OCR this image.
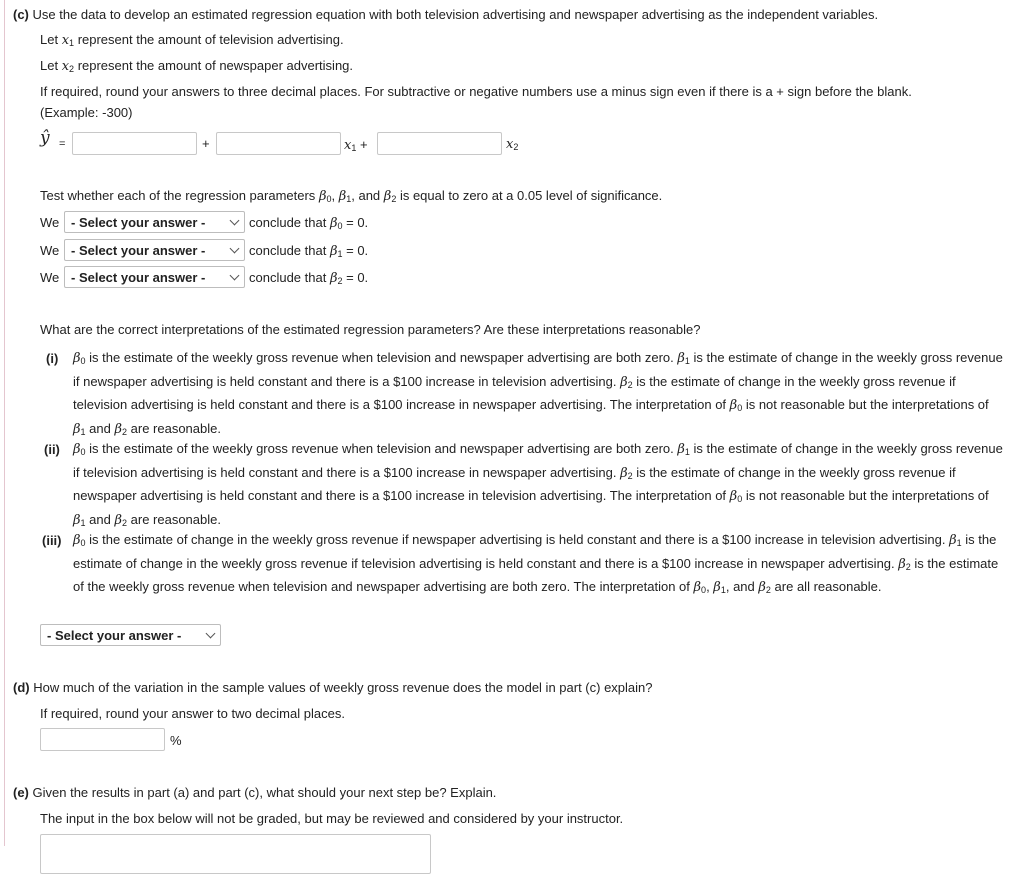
(c) Use the data to develop an estimated regression equation with both television advertising and newspaper advertising as the independent variables.
Let x1 represent the amount of television advertising.
Let x2 represent the amount of newspaper advertising.
If required, round your answers to three decimal places. For subtractive or negative numbers use a minus sign even if there is a + sign before the blank.
(Example: -300)
ŷ =	+	x1 +	x2
Test whether each of the regression parameters β0, β1, and β2 is equal to zero at a 0.05 level of significance.
We - Select your answer -	conclude that β0 = 0.
We - Select your answer -	conclude that β1 = 0.
We - Select your answer -	conclude that β2 = 0.
What are the correct interpretations of the estimated regression parameters? Are these interpretations reasonable?
(i) β0 is the estimate of the weekly gross revenue when television and newspaper advertising are both zero. β1 is the estimate of change in the weekly gross revenue if newspaper advertising is held constant and there is a $100 increase in television advertising. β2 is the estimate of change in the weekly gross revenue if television advertising is held constant and there is a $100 increase in newspaper advertising. The interpretation of β0 is not reasonable but the interpretations of β1 and β2 are reasonable.
(ii) β0 is the estimate of the weekly gross revenue when television and newspaper advertising are both zero. β1 is the estimate of change in the weekly gross revenue if television advertising is held constant and there is a $100 increase in newspaper advertising. β2 is the estimate of change in the weekly gross revenue if newspaper advertising is held constant and there is a $100 increase in television advertising. The interpretation of β0 is not reasonable but the interpretations of β1 and β2 are reasonable.
(iii) β0 is the estimate of change in the weekly gross revenue if newspaper advertising is held constant and there is a $100 increase in television advertising. β1 is the estimate of change in the weekly gross revenue if television advertising is held constant and there is a $100 increase in newspaper advertising. β2 is the estimate of the weekly gross revenue when television and newspaper advertising are both zero. The interpretation of β0, β1, and β2 are all reasonable.
- Select your answer -
(d) How much of the variation in the sample values of weekly gross revenue does the model in part (c) explain?
If required, round your answer to two decimal places.
%
(e) Given the results in part (a) and part (c), what should your next step be? Explain.
The input in the box below will not be graded, but may be reviewed and considered by your instructor.
